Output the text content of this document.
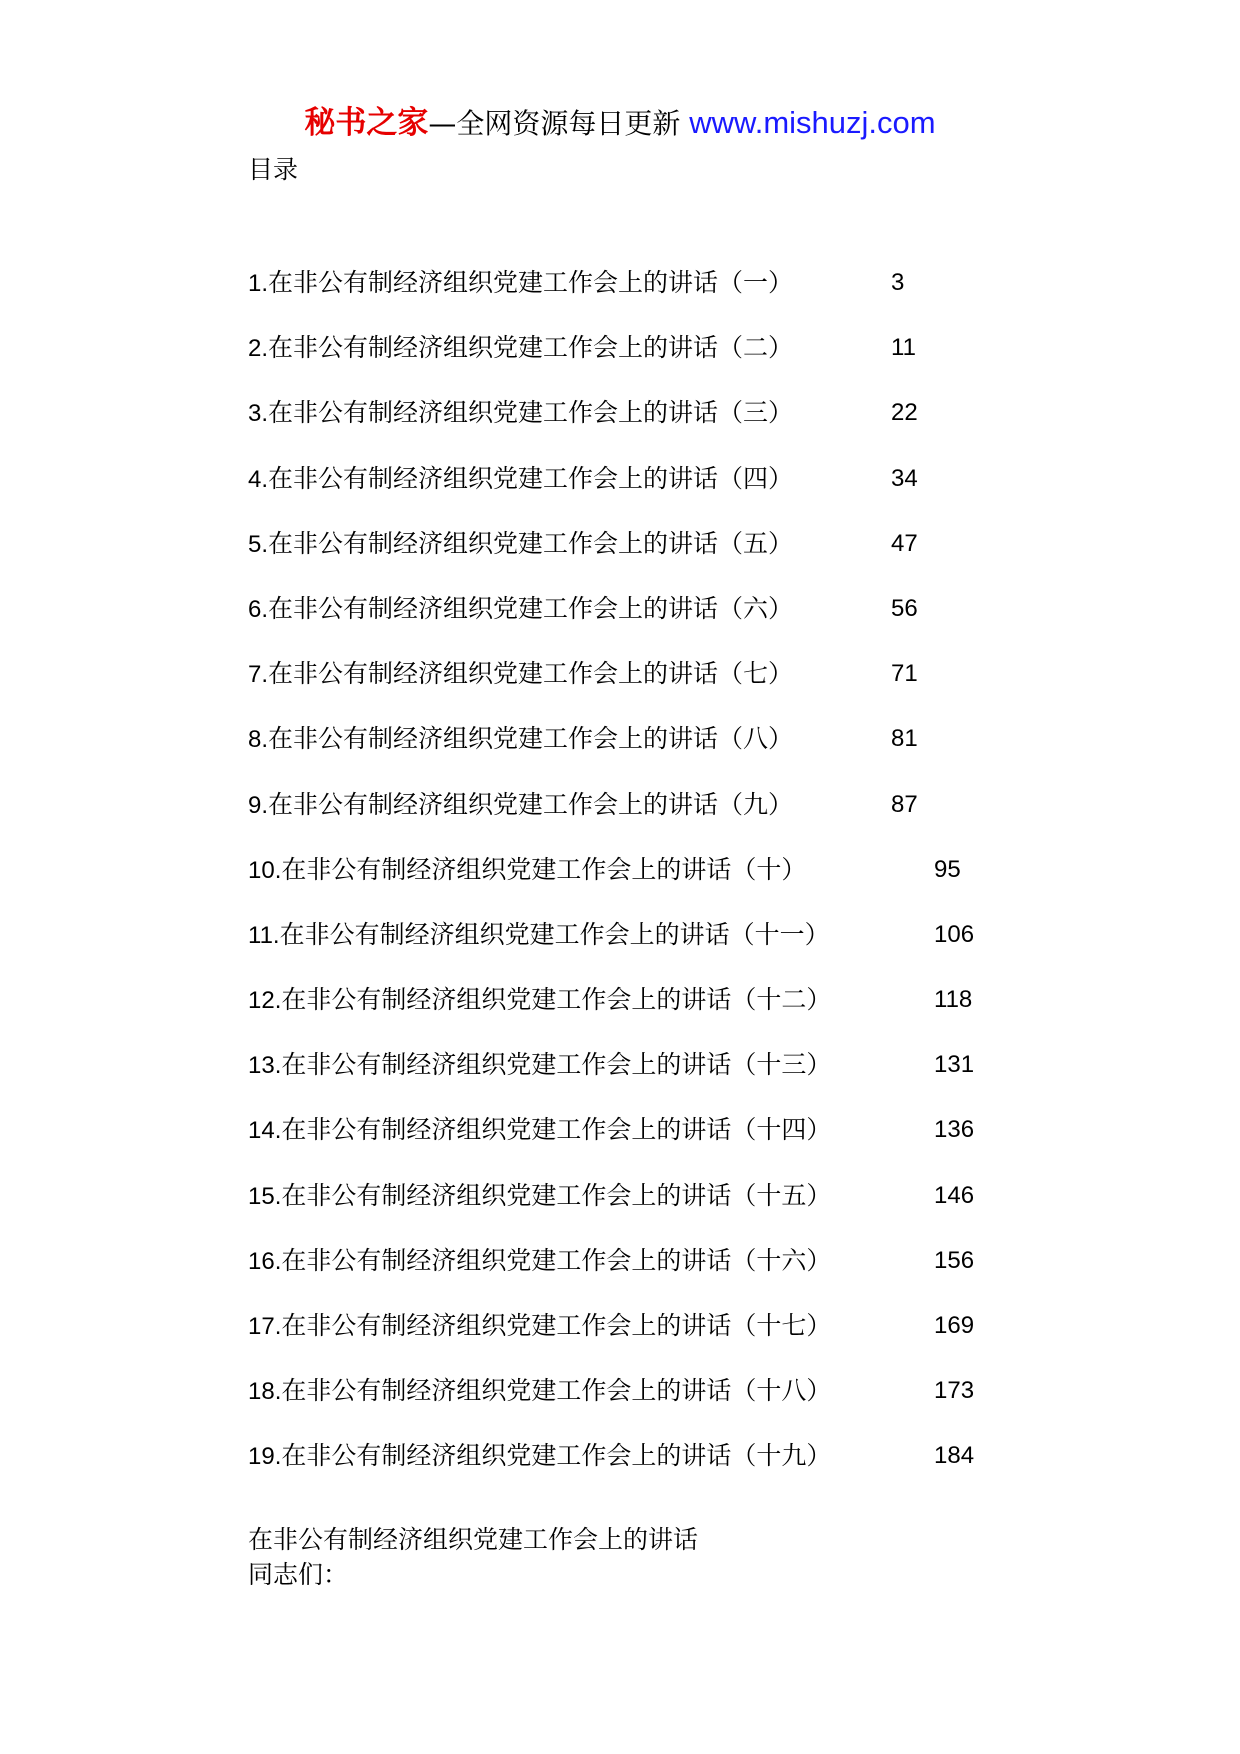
秘书之家—全网资源每日更新 www.mishuzj.com
目录
1.在非公有制经济组织党建工作会上的讲话（一）	3
2.在非公有制经济组织党建工作会上的讲话（二）	11
3.在非公有制经济组织党建工作会上的讲话（三）	22
4.在非公有制经济组织党建工作会上的讲话（四）	34
5.在非公有制经济组织党建工作会上的讲话（五）	47
6.在非公有制经济组织党建工作会上的讲话（六）	56
7.在非公有制经济组织党建工作会上的讲话（七）	71
8.在非公有制经济组织党建工作会上的讲话（八）	81
9.在非公有制经济组织党建工作会上的讲话（九）	87
10.在非公有制经济组织党建工作会上的讲话（十）	95
11.在非公有制经济组织党建工作会上的讲话（十一）	106
12.在非公有制经济组织党建工作会上的讲话（十二）	118
13.在非公有制经济组织党建工作会上的讲话（十三）	131
14.在非公有制经济组织党建工作会上的讲话（十四）	136
15.在非公有制经济组织党建工作会上的讲话（十五）	146
16.在非公有制经济组织党建工作会上的讲话（十六）	156
17.在非公有制经济组织党建工作会上的讲话（十七）	169
18.在非公有制经济组织党建工作会上的讲话（十八）	173
19.在非公有制经济组织党建工作会上的讲话（十九）	184
在非公有制经济组织党建工作会上的讲话
同志们：
